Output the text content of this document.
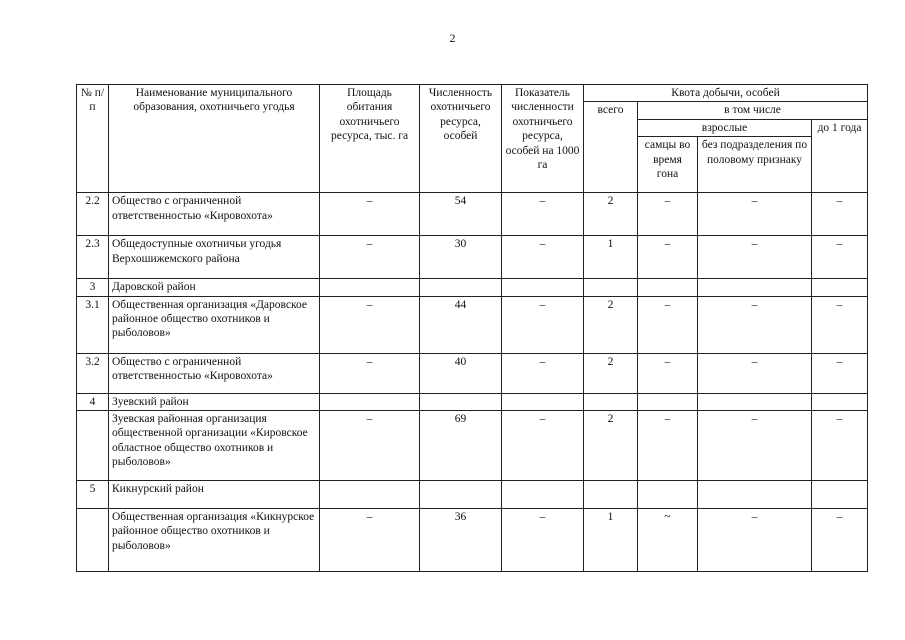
2
№ п/п	Наименование муниципального образования, охотничьего угодья	Площадь обитания охотничьего ресурса, тыс. га	Численность охотничьего ресурса, особей	Показатель численности охотничьего ресурса, особей на 1000 га	Квота добычи, особей			
					всего	в том числе		
						взрослые		до 1 года
						самцы во время гона	без подразделения по половому признаку	
2.2	Общество с ограниченной ответственностью «Кировохота»	–	54	–	2	–	–	–
2.3	Общедоступные охотничьи угодья Верхошижемского района	–	30	–	1	–	–	–
3	Даровской район							
3.1	Общественная организация «Даровское районное общество охотников и рыболовов»	–	44	–	2	–	–	–
3.2	Общество с ограниченной ответственностью «Кировохота»	–	40	–	2	–	–	–
4	Зуевский район							
	Зуевская районная организация общественной организации «Кировское областное общество охотников и рыболовов»	–	69	–	2	–	–	–
5	Кикнурский район							
	Общественная организация «Кикнурское районное общество охотников и рыболовов»	–	36	–	1	~	–	–
